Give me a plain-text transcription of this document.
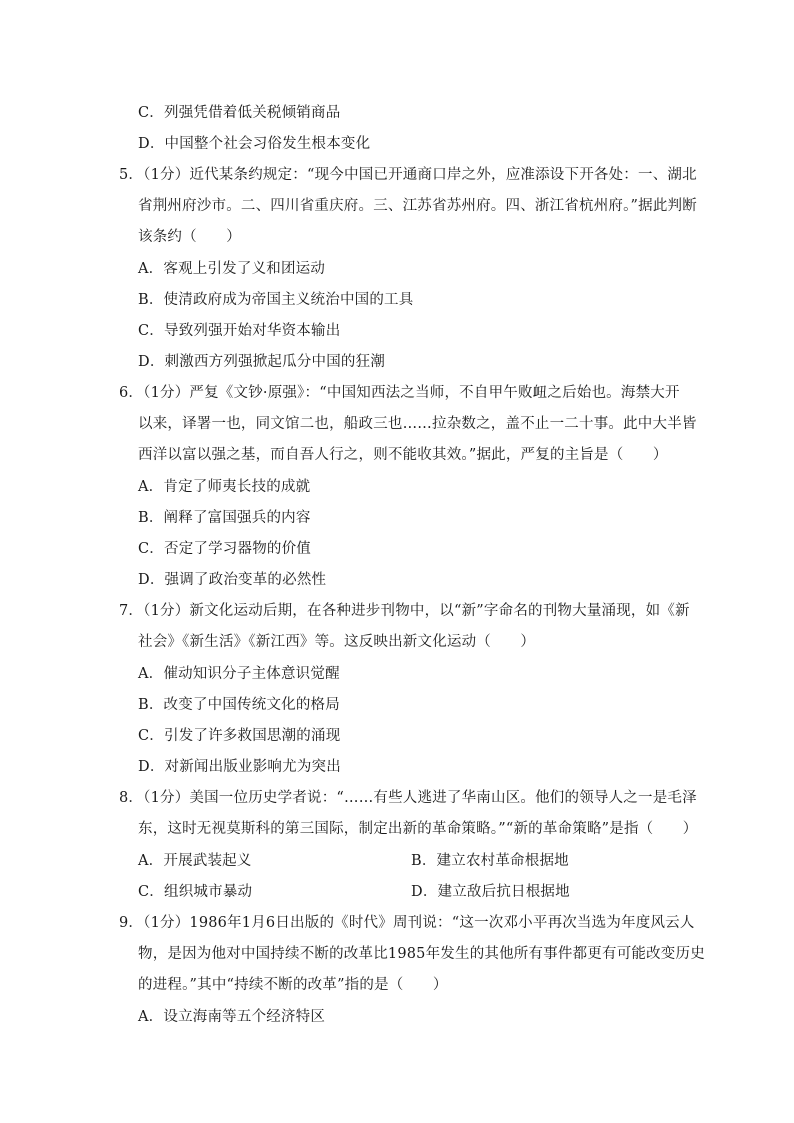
C．列强凭借着低关税倾销商品
D．中国整个社会习俗发生根本变化
5．（1分）近代某条约规定：“现今中国已开通商口岸之外，应准添设下开各处：一、湖北
省荆州府沙市。二、四川省重庆府。三、江苏省苏州府。四、浙江省杭州府。”据此判断
该条约（　　）
A．客观上引发了义和团运动
B．使清政府成为帝国主义统治中国的工具
C．导致列强开始对华资本输出
D．刺激西方列强掀起瓜分中国的狂潮
6．（1分）严复《文钞·原强》：“中国知西法之当师，不自甲午败衄之后始也。海禁大开
以来，译署一也，同文馆二也，船政三也……拉杂数之，盖不止一二十事。此中大半皆
西洋以富以强之基，而自吾人行之，则不能收其效。”据此，严复的主旨是（　　）
A．肯定了师夷长技的成就
B．阐释了富国强兵的内容
C．否定了学习器物的价值
D．强调了政治变革的必然性
7．（1分）新文化运动后期，在各种进步刊物中，以“新”字命名的刊物大量涌现，如《新
社会》《新生活》《新江西》等。这反映出新文化运动（　　）
A．催动知识分子主体意识觉醒
B．改变了中国传统文化的格局
C．引发了许多救国思潮的涌现
D．对新闻出版业影响尤为突出
8．（1分）美国一位历史学者说：“……有些人逃进了华南山区。他们的领导人之一是毛泽
东，这时无视莫斯科的第三国际，制定出新的革命策略。”“新的革命策略”是指（　　）
A．开展武装起义	B．建立农村革命根据地
C．组织城市暴动	D．建立敌后抗日根据地
9．（1分）1986年1月6日出版的《时代》周刊说：“这一次邓小平再次当选为年度风云人
物，是因为他对中国持续不断的改革比1985年发生的其他所有事件都更有可能改变历史
的进程。”其中“持续不断的改革”指的是（　　）
A．设立海南等五个经济特区
